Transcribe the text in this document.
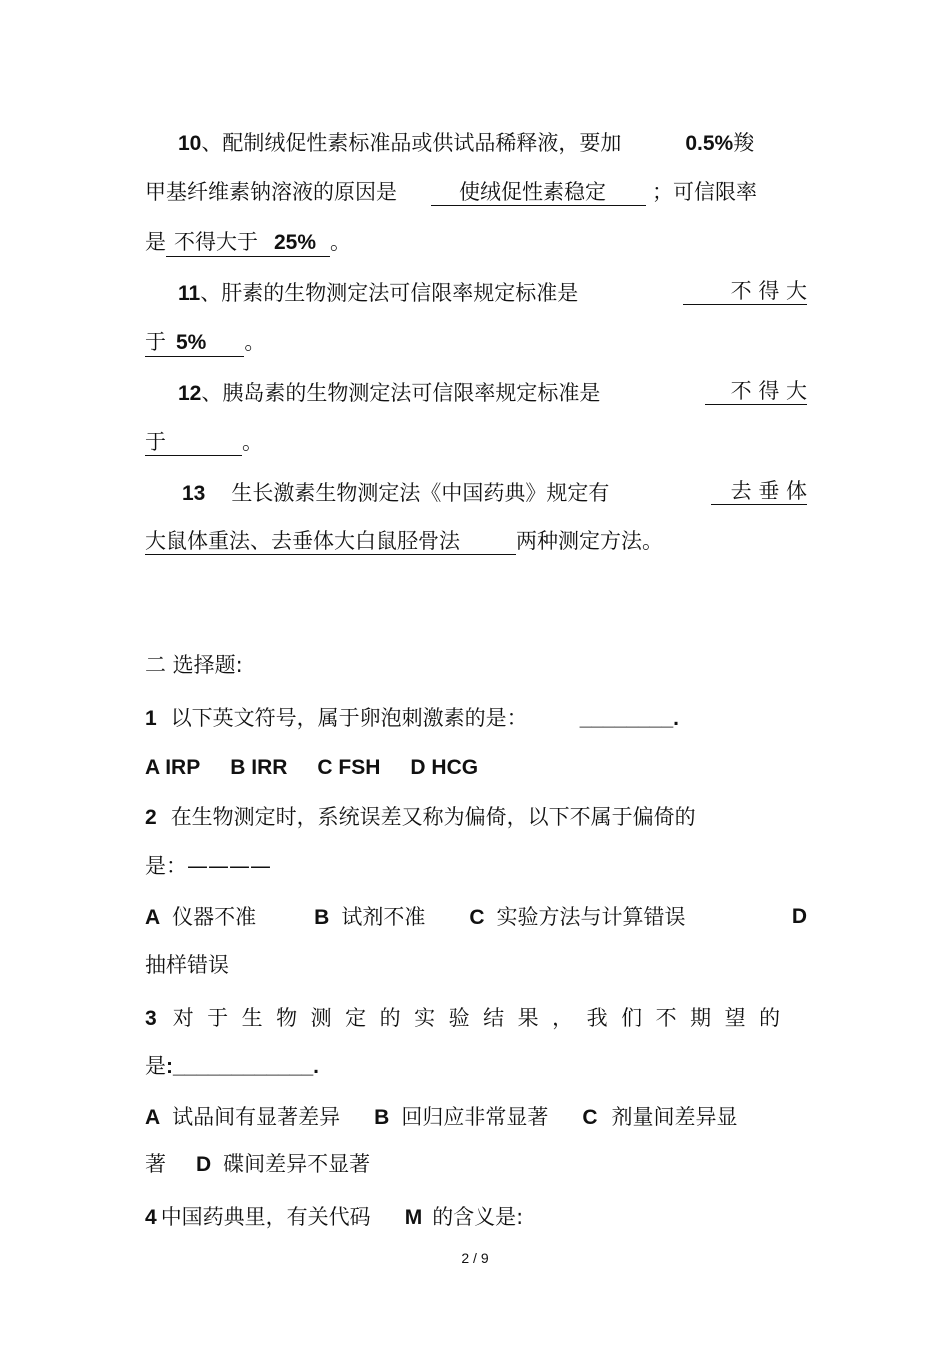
10、配制绒促性素标准品或供试品稀释液，要加	0.5%羧
甲基纤维素钠溶液的原因是	使绒促性素稳定 ；可信限率
是 不得大于 25% 。
11、肝素的生物测定法可信限率规定标准是	不 得 大
于 5% 。
12、胰岛素的生物测定法可信限率规定标准是	不 得 大
于	。
13 生长激素生物测定法《中国药典》规定有	去 垂 体
大鼠体重法、去垂体大白鼠胫骨法	两种测定方法。
二 选择题:
1 以下英文符号，属于卵泡刺激素的是： ________.
A IRP B IRR C FSH D HCG
2 在生物测定时，系统误差又称为偏倚，以下不属于偏倚的
是：————
A 仪器不准	B 试剂不准 C 实验方法与计算错误	D
抽样错误
3 对于生物测定的实验结果，我们不期望的
是:____________.
A 试品间有显著差异 B 回归应非常显著 C 剂量间差异显
著 D 碟间差异不显著
4 中国药典里，有关代码 M 的含义是:
2 / 9
